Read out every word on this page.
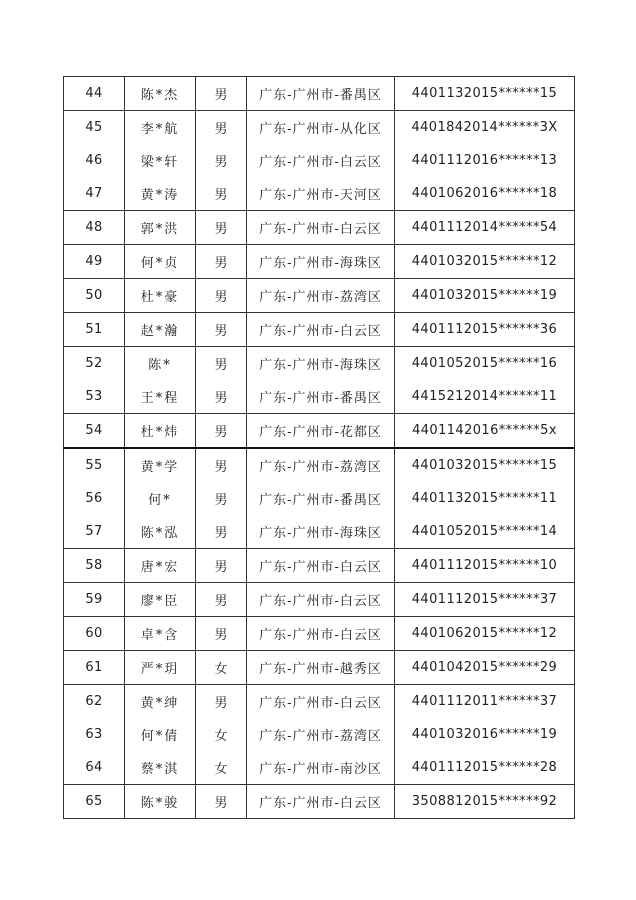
44	陈*杰	男	广东-广州市-番禺区	4401132015******15
45	李*航	男	广东-广州市-从化区	4401842014******3X
46	梁*轩	男	广东-广州市-白云区	4401112016******13
47	黄*涛	男	广东-广州市-天河区	4401062016******18
48	郭*洪	男	广东-广州市-白云区	4401112014******54
49	何*贞	男	广东-广州市-海珠区	4401032015******12
50	杜*豪	男	广东-广州市-荔湾区	4401032015******19
51	赵*瀚	男	广东-广州市-白云区	4401112015******36
52	陈*	男	广东-广州市-海珠区	4401052015******16
53	王*程	男	广东-广州市-番禺区	4415212014******11
54	杜*炜	男	广东-广州市-花都区	4401142016******5x
55	黄*学	男	广东-广州市-荔湾区	4401032015******15
56	何*	男	广东-广州市-番禺区	4401132015******11
57	陈*泓	男	广东-广州市-海珠区	4401052015******14
58	唐*宏	男	广东-广州市-白云区	4401112015******10
59	廖*臣	男	广东-广州市-白云区	4401112015******37
60	卓*含	男	广东-广州市-白云区	4401062015******12
61	严*玥	女	广东-广州市-越秀区	4401042015******29
62	黄*绅	男	广东-广州市-白云区	4401112011******37
63	何*倩	女	广东-广州市-荔湾区	4401032016******19
64	蔡*淇	女	广东-广州市-南沙区	4401112015******28
65	陈*骏	男	广东-广州市-白云区	3508812015******92
